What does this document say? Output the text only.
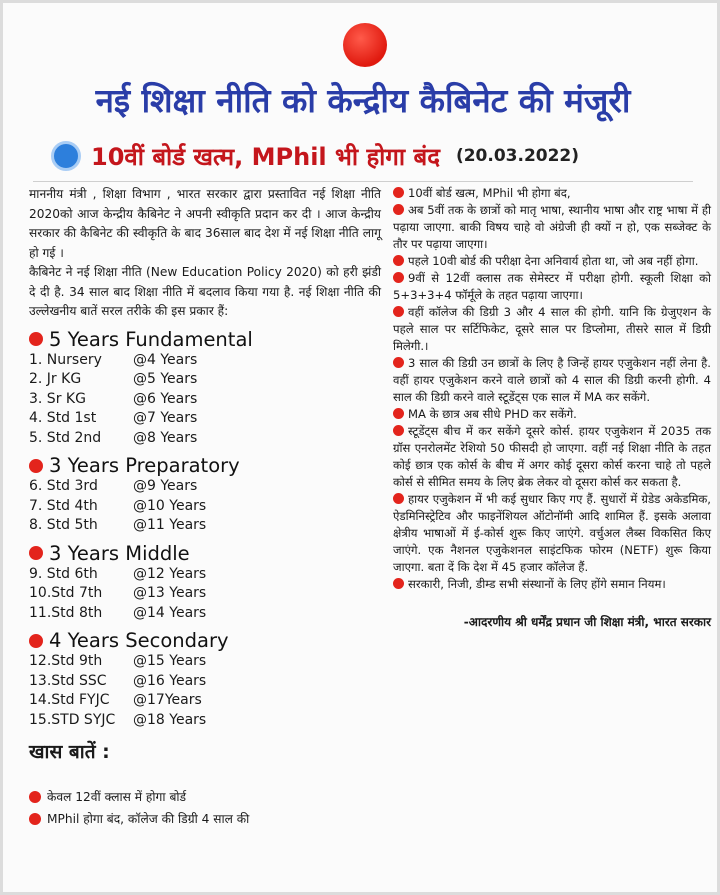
नई शिक्षा नीति को केन्द्रीय कैबिनेट की मंजूरी
10वीं बोर्ड खत्म, MPhil भी होगा बंद (20.03.2022)

माननीय मंत्री , शिक्षा विभाग , भारत सरकार द्वारा प्रस्तावित नई शिक्षा नीति 2020को आज केन्द्रीय कैबिनेट ने अपनी स्वीकृति प्रदान कर दी । आज केन्द्रीय सरकार की कैबिनेट की स्वीकृति के बाद 36साल बाद देश में नई शिक्षा नीति लागू हो गई ।

कैबिनेट ने नई शिक्षा नीति (New Education Policy 2020) को हरी झंडी दे दी है. 34 साल बाद शिक्षा नीति में बदलाव किया गया है. नई शिक्षा नीति की उल्लेखनीय बातें सरल तरीके की इस प्रकार हैं:

5 Years Fundamental
1. Nursery	@4 Years
2. Jr KG	@5 Years
3. Sr KG	@6 Years
4. Std 1st	@7 Years
5. Std 2nd	@8 Years
3 Years Preparatory
6. Std 3rd	@9 Years
7. Std 4th	@10 Years
8. Std 5th	@11 Years
3 Years Middle
9. Std 6th	@12 Years
10.Std 7th	@13 Years
11.Std 8th	@14 Years
4 Years Secondary
12.Std 9th	@15 Years
13.Std SSC	@16 Years
14.Std FYJC	@17Years
15.STD SYJC	@18 Years
खास बातें :
केवल 12वीं क्लास में होगा बोर्ड
MPhil होगा बंद, कॉलेज की डिग्री 4 साल की

10वीं बोर्ड खत्म, MPhil भी होगा बंद,

अब 5वीं तक के छात्रों को मातृ भाषा, स्थानीय भाषा और राष्ट्र भाषा में ही पढ़ाया जाएगा. बाकी विषय चाहे वो अंग्रेजी ही क्यों न हो, एक सब्जेक्ट के तौर पर पढ़ाया जाएगा।

पहले 10वी बोर्ड की परीक्षा देना अनिवार्य होता था, जो अब नहीं होगा.

9वीं से 12वीं क्लास तक सेमेस्टर में परीक्षा होगी. स्कूली शिक्षा को 5+3+3+4 फॉर्मूले के तहत पढ़ाया जाएगा।

वहीं कॉलेज की डिग्री 3 और 4 साल की होगी. यानि कि ग्रेजुएशन के पहले साल पर सर्टिफिकेट, दूसरे साल पर डिप्लोमा, तीसरे साल में डिग्री मिलेगी.।

3 साल की डिग्री उन छात्रों के लिए है जिन्हें हायर एजुकेशन नहीं लेना है. वहीं हायर एजुकेशन करने वाले छात्रों को 4 साल की डिग्री करनी होगी. 4 साल की डिग्री करने वाले स्टूडेंट्स एक साल में MA कर सकेंगे.

MA के छात्र अब सीधे PHD कर सकेंगे.

स्टूडेंट्स बीच में कर सकेंगे दूसरे कोर्स. हायर एजुकेशन में 2035 तक ग्रॉस एनरोलमेंट रेशियो 50 फीसदी हो जाएगा. वहीं नई शिक्षा नीति के तहत कोई छात्र एक कोर्स के बीच में अगर कोई दूसरा कोर्स करना चाहे तो पहले कोर्स से सीमित समय के लिए ब्रेक लेकर वो दूसरा कोर्स कर सकता है.

हायर एजुकेशन में भी कई सुधार किए गए हैं. सुधारों में ग्रेडेड अकेडमिक, ऐडमिनिस्ट्रेटिव और फाइनेंशियल ऑटोनॉमी आदि शामिल हैं. इसके अलावा क्षेत्रीय भाषाओं में ई-कोर्स शुरू किए जाएंगे. वर्चुअल लैब्स विकसित किए जाएंगे. एक नैशनल एजुकेशनल साइंटफिक फोरम (NETF) शुरू किया जाएगा. बता दें कि देश में 45 हजार कॉलेज हैं.

सरकारी, निजी, डीम्ड सभी संस्थानों के लिए होंगे समान नियम।

-आदरणीय श्री धर्मेंद्र प्रधान जी शिक्षा मंत्री, भारत सरकार
